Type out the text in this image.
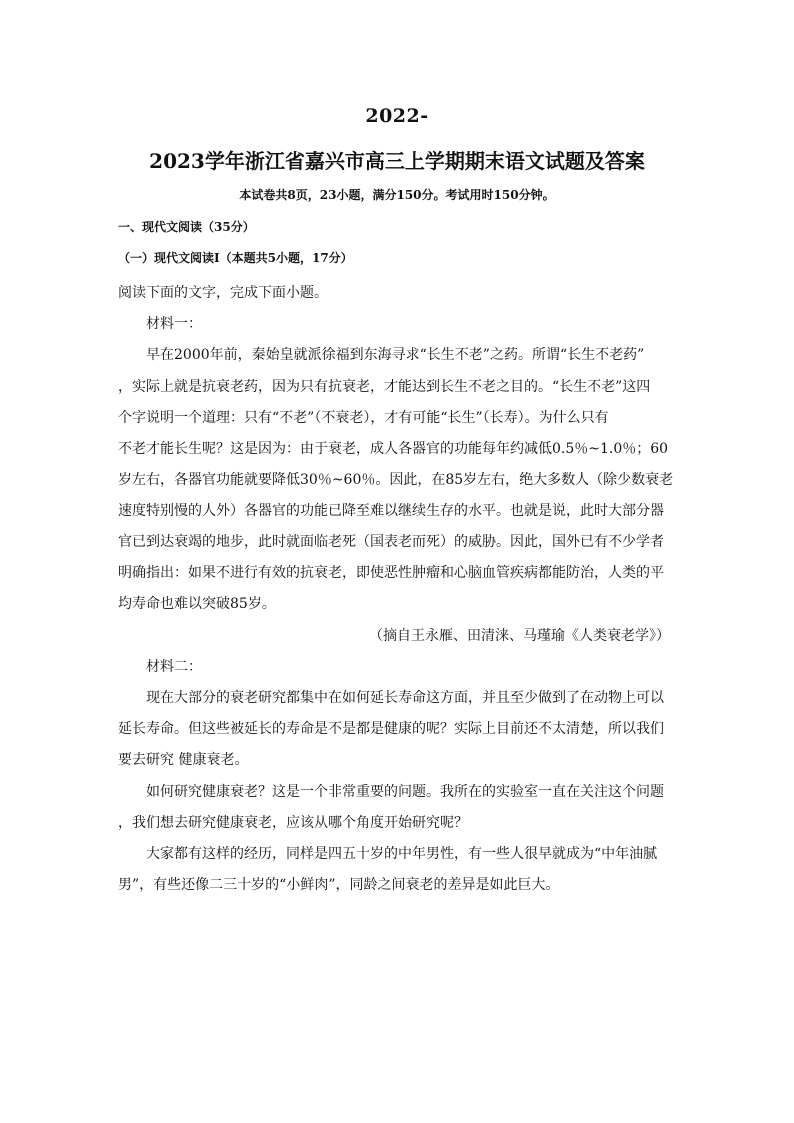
2022-
2023学年浙江省嘉兴市高三上学期期末语文试题及答案
本试卷共8页，23小题，满分150分。考试用时150分钟。
一、现代文阅读（35分）
（一）现代文阅读I（本题共5小题，17分）
阅读下面的文字，完成下面小题。
材料一：
早在2000年前，秦始皇就派徐福到东海寻求“长生不老”之药。所谓“长生不老药”
，实际上就是抗衰老药，因为只有抗衰老，才能达到长生不老之目的。“长生不老”这四
个字说明一个道理：只有“不老”（不衰老），才有可能“长生”（长寿）。为什么只有
不老才能长生呢？这是因为：由于衰老，成人各器官的功能每年约减低0.5％~1.0％；60
岁左右，各器官功能就要降低30％~60％。因此，在85岁左右，绝大多数人（除少数衰老
速度特别慢的人外）各器官的功能已降至难以继续生存的水平。也就是说，此时大部分器
官已到达衰竭的地步，此时就面临老死（国表老而死）的威胁。因此，国外已有不少学者
明确指出：如果不进行有效的抗衰老，即使恶性肿瘤和心脑血管疾病都能防治，人类的平
均寿命也难以突破85岁。
（摘自王永雁、田清涞、马瑾瑜《人类衰老学》）
材料二：
现在大部分的衰老研究都集中在如何延长寿命这方面，并且至少做到了在动物上可以
延长寿命。但这些被延长的寿命是不是都是健康的呢？实际上目前还不太清楚，所以我们
要去研究 健康衰老。
如何研究健康衰老？这是一个非常重要的问题。我所在的实验室一直在关注这个问题
，我们想去研究健康衰老，应该从哪个角度开始研究呢？
大家都有这样的经历，同样是四五十岁的中年男性，有一些人很早就成为“中年油腻
男”，有些还像二三十岁的“小鲜肉”，同龄之间衰老的差异是如此巨大。
